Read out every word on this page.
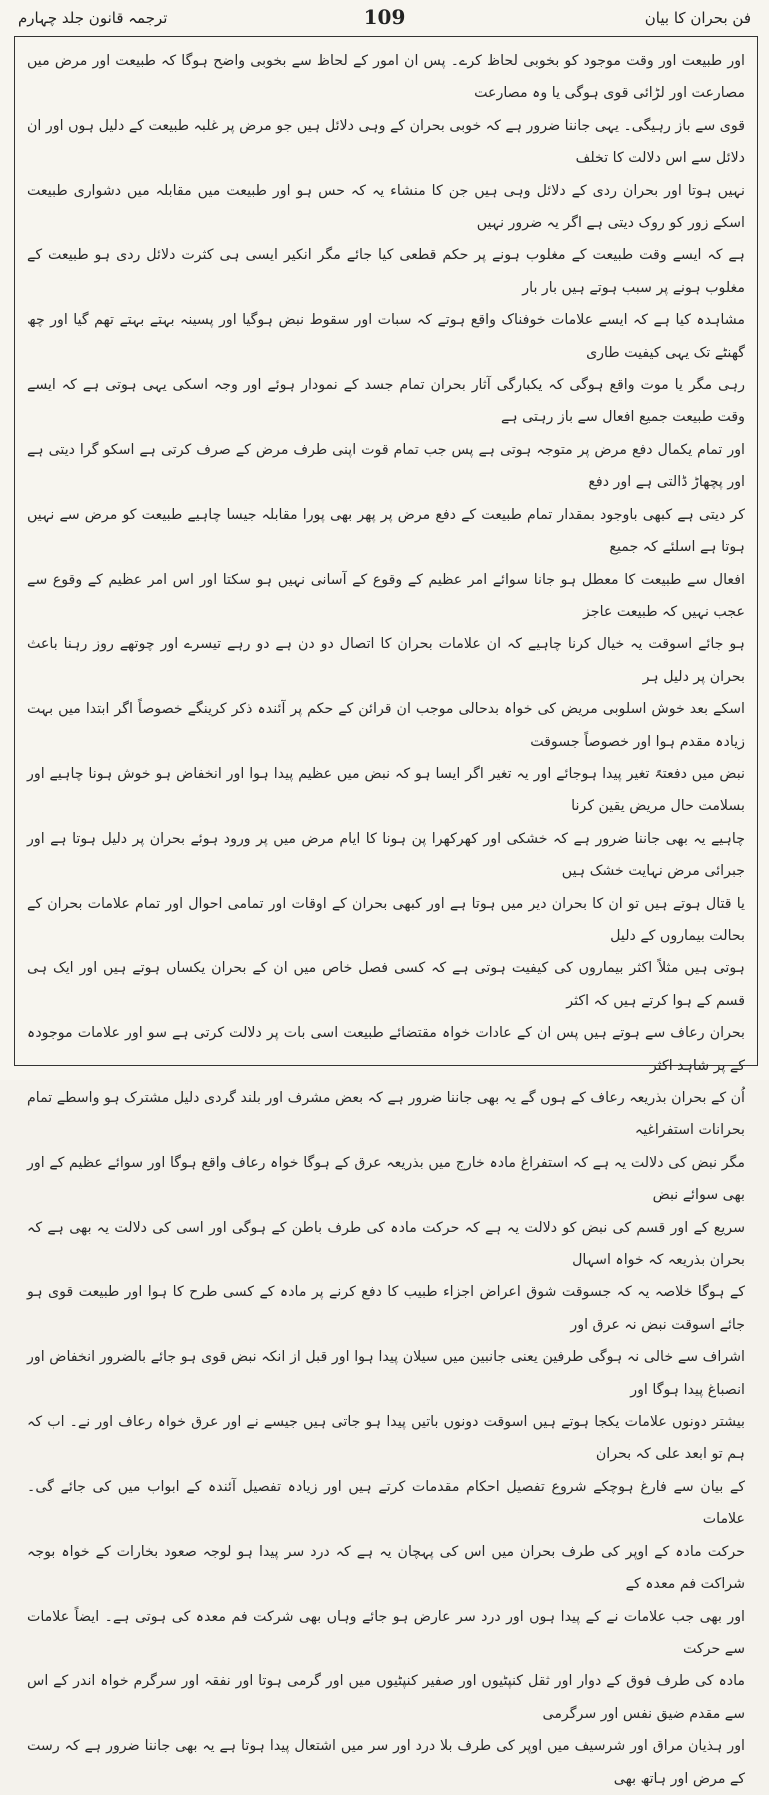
فن بحران کا بیان
109
ترجمہ قانون جلد چہارم

اور طبیعت اور وقت موجود کو بخوبی لحاظ کرے۔ پس ان امور کے لحاظ سے بخوبی واضح ہوگا کہ طبیعت اور مرض میں مصارعت اور لڑائی قوی ہوگی یا وہ مصارعت

قوی سے باز رہیگی۔ یہی جاننا ضرور ہے کہ خوبی بحران کے وہی دلائل ہیں جو مرض پر غلبہ طبیعت کے دلیل ہوں اور ان دلائل سے اس دلالت کا تخلف

نہیں ہوتا اور بحران ردی کے دلائل وہی ہیں جن کا منشاء یہ کہ حس ہو اور طبیعت میں مقابلہ میں دشواری طبیعت اسکے زور کو روک دیتی ہے اگر یہ ضرور نہیں

ہے کہ ایسے وقت طبیعت کے مغلوب ہونے پر حکم قطعی کیا جائے مگر انکیر ایسی ہی کثرت دلائل ردی ہو طبیعت کے مغلوب ہونے پر سبب ہوتے ہیں بار بار

مشاہدہ کیا ہے کہ ایسے علامات خوفناک واقع ہوتے کہ سبات اور سقوط نبض ہوگیا اور پسینہ بہتے بہتے تھم گیا اور چھ گھنٹے تک یہی کیفیت طاری

رہی مگر یا موت واقع ہوگی کہ یکبارگی آثار بحران تمام جسد کے نمودار ہوئے اور وجہ اسکی یہی ہوتی ہے کہ ایسے وقت طبیعت جمیع افعال سے باز رہتی ہے

اور تمام یکمال دفع مرض پر متوجہ ہوتی ہے پس جب تمام قوت اپنی طرف مرض کے صرف کرتی ہے اسکو گرا دیتی ہے اور پچھاڑ ڈالتی ہے اور دفع

کر دیتی ہے کبھی باوجود بمقدار تمام طبیعت کے دفع مرض پر پھر بھی پورا مقابلہ جیسا چاہیے طبیعت کو مرض سے نہیں ہوتا ہے اسلئے کہ جمیع

افعال سے طبیعت کا معطل ہو جانا سوائے امر عظیم کے وقوع کے آسانی نہیں ہو سکتا اور اس امر عظیم کے وقوع سے عجب نہیں کہ طبیعت عاجز

ہو جائے اسوقت یہ خیال کرنا چاہیے کہ ان علامات بحران کا اتصال دو دن ہے دو رہے تیسرے اور چوتھے روز رہنا باعث بحران پر دلیل ہر

اسکے بعد خوش اسلوبی مریض کی خواہ بدحالی موجب ان قرائن کے حکم پر آئندہ ذکر کرینگے خصوصاً اگر ابتدا میں بہت زیادہ مقدم ہوا اور خصوصاً جسوقت

نبض میں دفعتہً تغیر پیدا ہوجائے اور یہ تغیر اگر ایسا ہو کہ نبض میں عظیم پیدا ہوا اور انخفاض ہو خوش ہونا چاہیے اور بسلامت حال مریض یقین کرنا

چاہیے یہ بھی جاننا ضرور ہے کہ خشکی اور کھرکھرا پن ہونا کا ایام مرض میں پر ورود ہوئے بحران پر دلیل ہوتا ہے اور جبرائی مرض نہایت خشک ہیں

یا قتال ہوتے ہیں تو ان کا بحران دیر میں ہوتا ہے اور کبھی بحران کے اوقات اور تمامی احوال اور تمام علامات بحران کے بحالت بیماروں کے دلیل

ہوتی ہیں مثلاً اکثر بیماروں کی کیفیت ہوتی ہے کہ کسی فصل خاص میں ان کے بحران یکساں ہوتے ہیں اور ایک ہی قسم کے ہوا کرتے ہیں کہ اکثر

بحران رعاف سے ہوتے ہیں پس ان کے عادات خواہ مقتضائے طبیعت اسی بات پر دلالت کرتی ہے سو اور علامات موجودہ کے پر شاہد اکثر

اُن کے بحران بذریعہ رعاف کے ہوں گے یہ بھی جاننا ضرور ہے کہ بعض مشرف اور بلند گردی دلیل مشترک ہو واسطے تمام بحرانات استفراغیہ

مگر نبض کی دلالت یہ ہے کہ استفراغ مادہ خارج میں بذریعہ عرق کے ہوگا خواہ رعاف واقع ہوگا اور سوائے عظیم کے اور بھی سوائے نبض

سریع کے اور قسم کی نبض کو دلالت یہ ہے کہ حرکت مادہ کی طرف باطن کے ہوگی اور اسی کی دلالت یہ بھی ہے کہ بحران بذریعہ کہ خواہ اسہال

کے ہوگا خلاصہ یہ کہ جسوقت شوق اعراض اجزاء طبیب کا دفع کرنے پر مادہ کے کسی طرح کا ہوا اور طبیعت قوی ہو جائے اسوقت نبض نہ عرق اور

اشراف سے خالی نہ ہوگی طرفین یعنی جانبین میں سیلان پیدا ہوا اور قبل از انکہ نبض قوی ہو جائے بالضرور انخفاض اور انصباغ پیدا ہوگا اور

بیشتر دونوں علامات یکجا ہوتے ہیں اسوقت دونوں باتیں پیدا ہو جاتی ہیں جیسے نے اور عرق خواہ رعاف اور نے۔ اب کہ ہم تو ابعد علی کہ بحران

کے بیان سے فارغ ہوچکے شروع تفصیل احکام مقدمات کرتے ہیں اور زیادہ تفصیل آئندہ کے ابواب میں کی جائے گی۔ علامات

حرکت مادہ کے اوپر کی طرف بحران میں اس کی پہچان یہ ہے کہ درد سر پیدا ہو لوجہ صعود بخارات کے خواہ بوجہ شراکت فم معدہ کے

اور بھی جب علامات نے کے پیدا ہوں اور درد سر عارض ہو جائے وہاں بھی شرکت فم معدہ کی ہوتی ہے۔ ایضاً علامات سے حرکت

مادہ کی طرف فوق کے دوار اور ثقل کنپٹیوں اور صفیر کنپٹیوں میں اور گرمی ہوتا اور نفقہ اور سرگرم خواہ اندر کے اس سے مقدم ضیق نفس اور سرگرمی

اور ہذیان مراق اور شرسیف میں اوپر کی طرف بلا درد اور سر میں اشتعال پیدا ہوتا ہے یہ بھی جاننا ضرور ہے کہ رست کے مرض اور ہاتھ بھی
